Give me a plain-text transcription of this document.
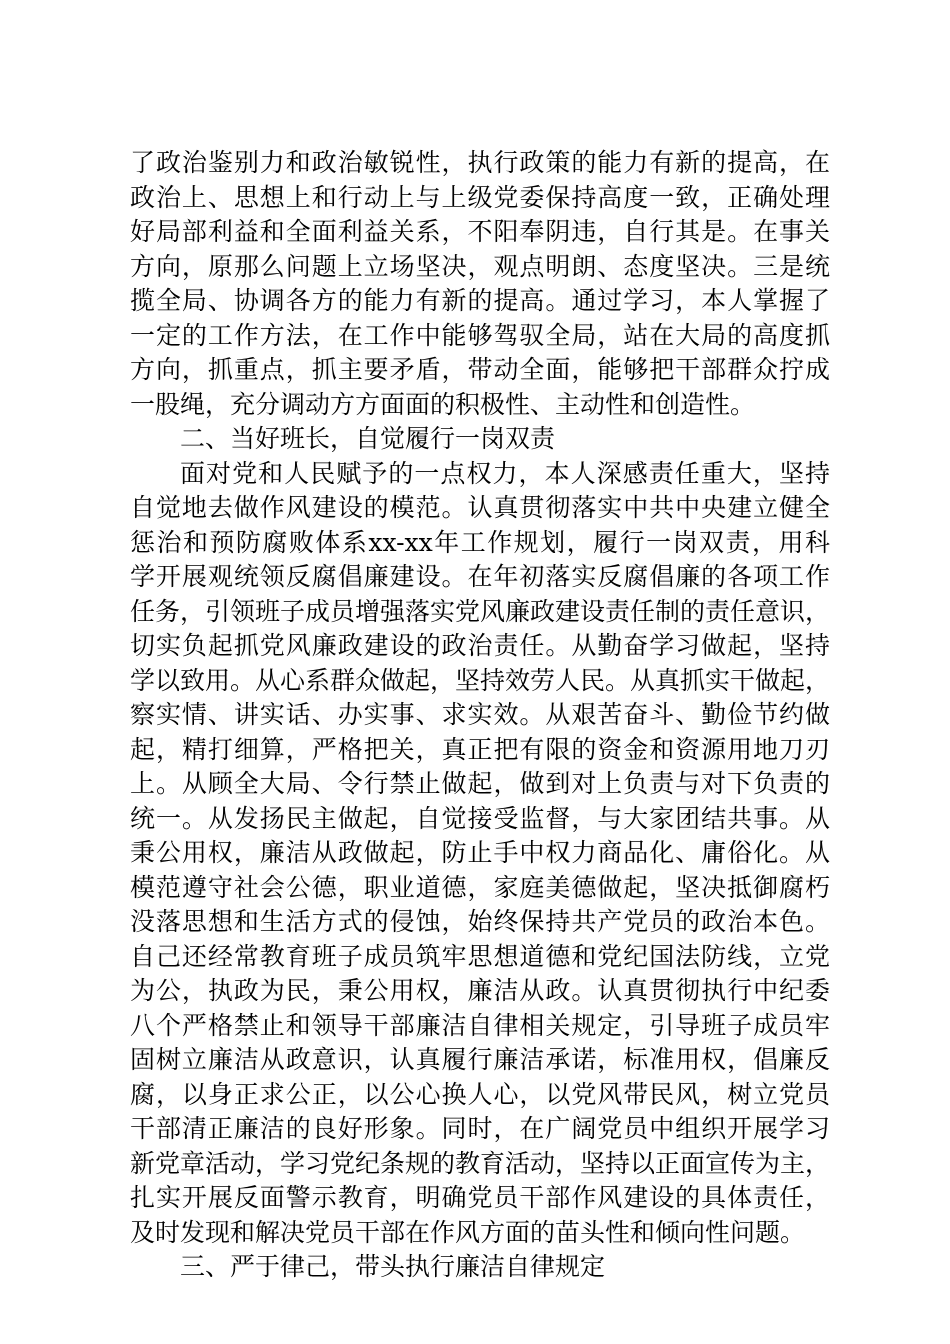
了政治鉴别力和政治敏锐性，执行政策的能力有新的提高，在
政治上、思想上和行动上与上级党委保持高度一致，正确处理
好局部利益和全面利益关系，不阳奉阴违，自行其是。在事关
方向，原那么问题上立场坚决，观点明朗、态度坚决。三是统
揽全局、协调各方的能力有新的提高。通过学习，本人掌握了
一定的工作方法，在工作中能够驾驭全局，站在大局的高度抓
方向，抓重点，抓主要矛盾，带动全面，能够把干部群众拧成
一股绳，充分调动方方面面的积极性、主动性和创造性。
二、当好班长，自觉履行一岗双责
面对党和人民赋予的一点权力，本人深感责任重大，坚持
自觉地去做作风建设的模范。认真贯彻落实中共中央建立健全
惩治和预防腐败体系xx-xx年工作规划，履行一岗双责，用科
学开展观统领反腐倡廉建设。在年初落实反腐倡廉的各项工作
任务，引领班子成员增强落实党风廉政建设责任制的责任意识，
切实负起抓党风廉政建设的政治责任。从勤奋学习做起，坚持
学以致用。从心系群众做起，坚持效劳人民。从真抓实干做起，
察实情、讲实话、办实事、求实效。从艰苦奋斗、勤俭节约做
起，精打细算，严格把关，真正把有限的资金和资源用地刀刃
上。从顾全大局、令行禁止做起，做到对上负责与对下负责的
统一。从发扬民主做起，自觉接受监督，与大家团结共事。从
秉公用权，廉洁从政做起，防止手中权力商品化、庸俗化。从
模范遵守社会公德，职业道德，家庭美德做起，坚决抵御腐朽
没落思想和生活方式的侵蚀，始终保持共产党员的政治本色。
自己还经常教育班子成员筑牢思想道德和党纪国法防线，立党
为公，执政为民，秉公用权，廉洁从政。认真贯彻执行中纪委
八个严格禁止和领导干部廉洁自律相关规定，引导班子成员牢
固树立廉洁从政意识，认真履行廉洁承诺，标准用权，倡廉反
腐，以身正求公正，以公心换人心，以党风带民风，树立党员
干部清正廉洁的良好形象。同时，在广阔党员中组织开展学习
新党章活动，学习党纪条规的教育活动，坚持以正面宣传为主，
扎实开展反面警示教育，明确党员干部作风建设的具体责任，
及时发现和解决党员干部在作风方面的苗头性和倾向性问题。
三、严于律己，带头执行廉洁自律规定
